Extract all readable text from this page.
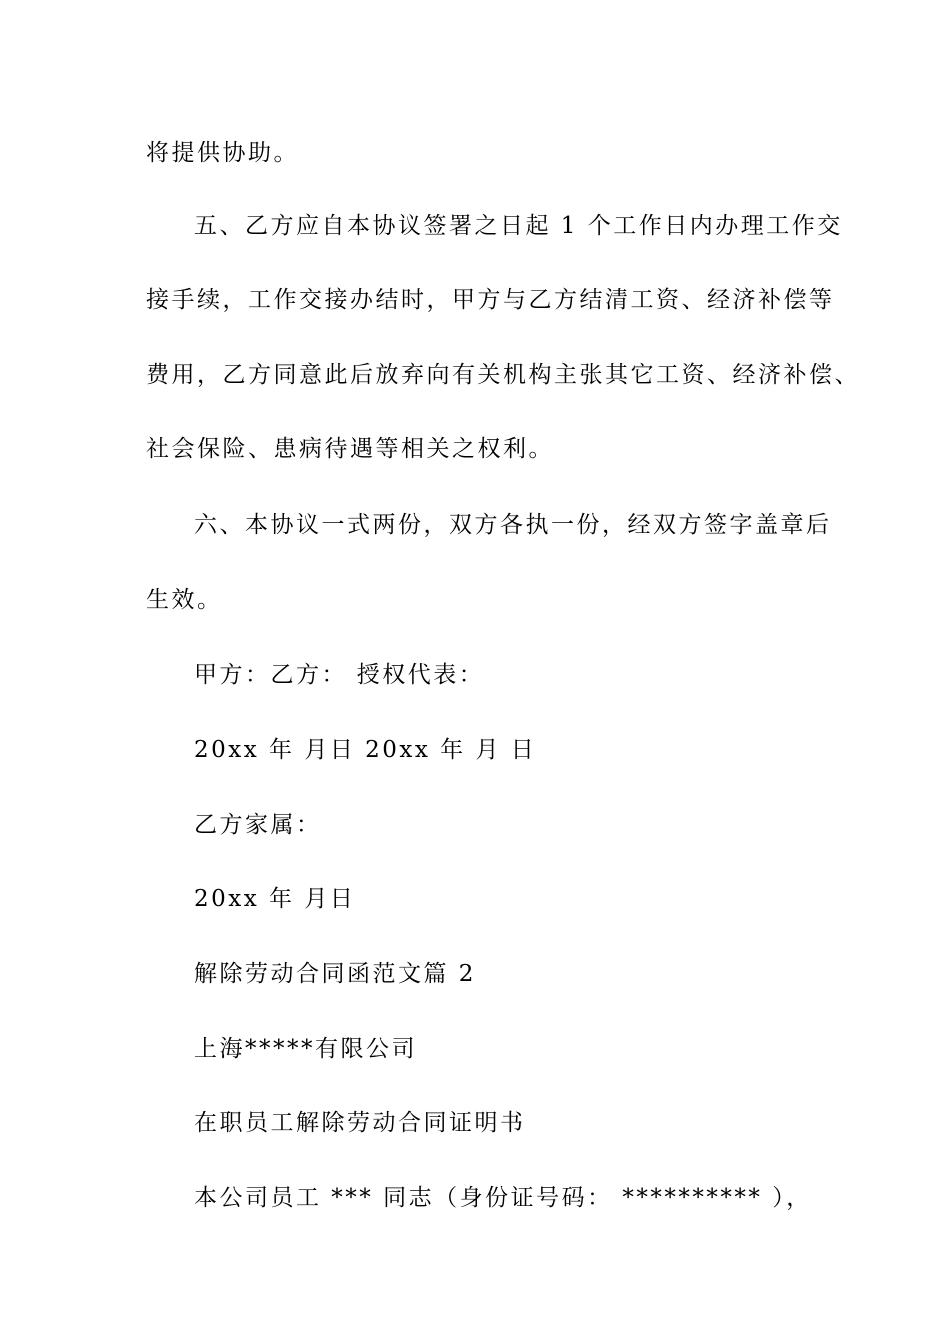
将提供协助。
五、乙方应自本协议签署之日起 1 个工作日内办理工作交
接手续，工作交接办结时，甲方与乙方结清工资、经济补偿等
费用，乙方同意此后放弃向有关机构主张其它工资、经济补偿、
社会保险、患病待遇等相关之权利。
六、本协议一式两份，双方各执一份，经双方签字盖章后
生效。
甲方：乙方： 授权代表：
20xx 年 月日 20xx 年 月 日
乙方家属：
20xx 年 月日
解除劳动合同函范文篇 2
上海*****有限公司
在职员工解除劳动合同证明书
本公司员工 *** 同志（身份证号码： ********** ），
